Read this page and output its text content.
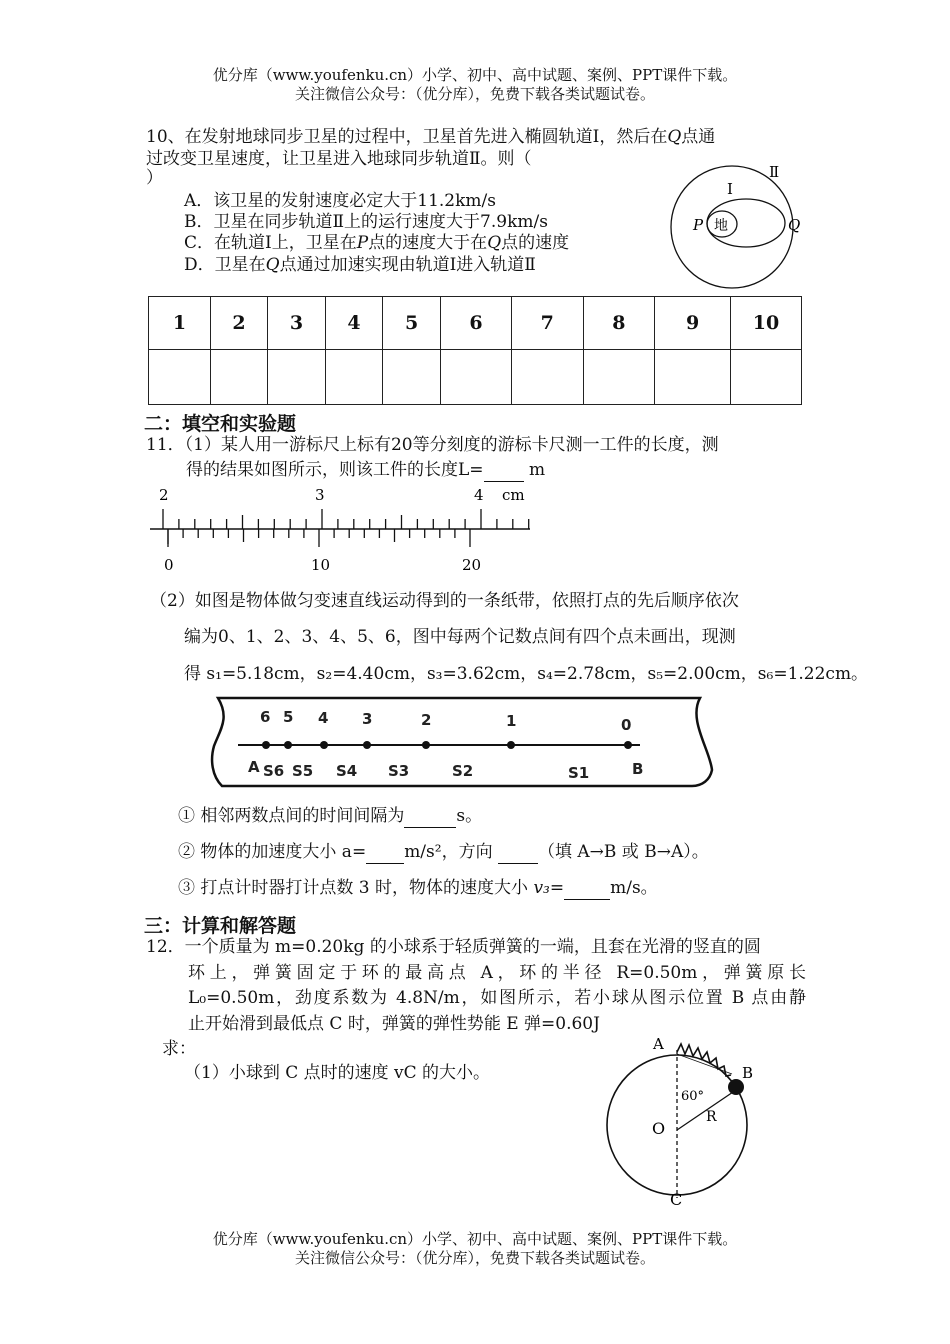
优分库（www.youfenku.cn）小学、初中、高中试题、案例、PPT课件下载。
关注微信公众号：（优分库），免费下载各类试题试卷。
10、在发射地球同步卫星的过程中，卫星首先进入椭圆轨道Ⅰ，然后在Q点通
过改变卫星速度，让卫星进入地球同步轨道Ⅱ。则（
）
A．该卫星的发射速度必定大于11.2km/s
B．卫星在同步轨道Ⅱ上的运行速度大于7.9km/s
C．在轨道Ⅰ上，卫星在P点的速度大于在Q点的速度
D．卫星在Q点通过加速实现由轨道Ⅰ进入轨道Ⅱ
地
Ⅱ
Ⅰ
P	Q
1	2	3	4	5	6	7	8	9	10

二：填空和实验题
11．（1）某人用一游标尺上标有20等分刻度的游标卡尺测一工件的长度，测
得的结果如图所示，则该工件的长度L=  m
2	3	4 cm
0	10	20
（2）如图是物体做匀变速直线运动得到的一条纸带，依照打点的先后顺序依次
编为0、1、2、3、4、5、6，图中每两个记数点间有四个点未画出，现测
得 s₁=5.18cm，s₂=4.40cm，s₃=3.62cm，s₄=2.78cm，s₅=2.00cm，s₆=1.22cm。
6 5 4 3	2	1	0
A S6 S5 S4 S3	S2	S1	B
① 相邻两数点间的时间间隔为	s。
② 物体的加速度大小 a= m/s²，方向  （填 A→B 或 B→A）。
③ 打点计时器打计点数 3 时，物体的速度大小 v₃=	m/s。
三：计算和解答题
12．一个质量为 m=0.20kg 的小球系于轻质弹簧的一端，且套在光滑的竖直的圆
环上，弹簧固定于环的最高点 A，环的半径 R=0.50m，弹簧原长
L₀=0.50m，劲度系数为 4.8N/m，如图所示，若小球从图示位置 B 点由静
止开始滑到最低点 C 时，弹簧的弹性势能 E 弹=0.60J
求：
（1）小球到 C 点时的速度 vC 的大小。
A
B
O
C
R
60°
优分库（www.youfenku.cn）小学、初中、高中试题、案例、PPT课件下载。
关注微信公众号：（优分库），免费下载各类试题试卷。
